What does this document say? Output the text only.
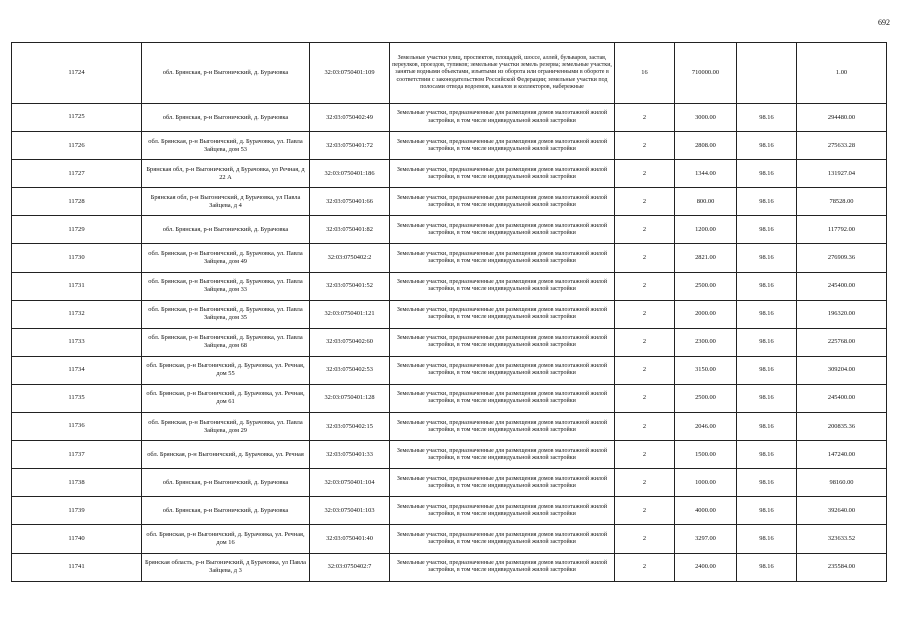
692
11724	обл. Брянская, р-н Выгоничский, д. Бурачовка	32:03:0750401:109	Земельные участки улиц, проспектов, площадей, шоссе, аллей, бульваров, застав, переулков, проездов, тупиков; земельные участки земель резерва; земельные участки, занятые водными объектами, изъятыми из оборота или ограниченными в обороте в соответствии с законодательством Российской Федерации; земельные участки под полосами отвода водоемов, каналов и коллекторов, набережные	16	710000.00		1.00
11725	обл. Брянская, р-н Выгоничский, д. Бурачовка	32:03:0750402:49	Земельные участки, предназначенные для размещения домов малоэтажной жилой застройки, в том числе индивидуальной жилой застройки	2	3000.00	98.16	294480.00
11726	обл. Брянская, р-н Выгоничский, д. Бурачовка, ул. Павла Зайцева, дом 53	32:03:0750401:72	Земельные участки, предназначенные для размещения домов малоэтажной жилой застройки, в том числе индивидуальной жилой застройки	2	2808.00	98.16	275633.28
11727	Брянская обл, р-н Выгоничский, д Бурачовка, ул Речная, д 22 А	32:03:0750401:186	Земельные участки, предназначенные для размещения домов малоэтажной жилой застройки, в том числе индивидуальной жилой застройки	2	1344.00	98.16	131927.04
11728	Брянская обл, р-н Выгоничский, д Бурачовка, ул Павла Зайцева, д 4	32:03:0750401:66	Земельные участки, предназначенные для размещения домов малоэтажной жилой застройки, в том числе индивидуальной жилой застройки	2	800.00	98.16	78528.00
11729	обл. Брянская, р-н Выгоничский, д. Бурачовка	32:03:0750401:82	Земельные участки, предназначенные для размещения домов малоэтажной жилой застройки, в том числе индивидуальной жилой застройки	2	1200.00	98.16	117792.00
11730	обл. Брянская, р-н Выгоничский, д. Бурачовка, ул. Павла Зайцева, дом 49	32:03:0750402:2	Земельные участки, предназначенные для размещения домов малоэтажной жилой застройки, в том числе индивидуальной жилой застройки	2	2821.00	98.16	276909.36
11731	обл. Брянская, р-н Выгоничский, д. Бурачовка, ул. Павла Зайцева, дом 33	32:03:0750401:52	Земельные участки, предназначенные для размещения домов малоэтажной жилой застройки, в том числе индивидуальной жилой застройки	2	2500.00	98.16	245400.00
11732	обл. Брянская, р-н Выгоничский, д. Бурачовка, ул. Павла Зайцева, дом 35	32:03:0750401:121	Земельные участки, предназначенные для размещения домов малоэтажной жилой застройки, в том числе индивидуальной жилой застройки	2	2000.00	98.16	196320.00
11733	обл. Брянская, р-н Выгоничский, д. Бурачовка, ул. Павла Зайцева, дом 68	32:03:0750402:60	Земельные участки, предназначенные для размещения домов малоэтажной жилой застройки, в том числе индивидуальной жилой застройки	2	2300.00	98.16	225768.00
11734	обл. Брянская, р-н Выгоничский, д. Бурачовка, ул. Речная, дом 55	32:03:0750402:53	Земельные участки, предназначенные для размещения домов малоэтажной жилой застройки, в том числе индивидуальной жилой застройки	2	3150.00	98.16	309204.00
11735	обл. Брянская, р-н Выгоничский, д. Бурачовка, ул. Речная, дом 61	32:03:0750401:128	Земельные участки, предназначенные для размещения домов малоэтажной жилой застройки, в том числе индивидуальной жилой застройки	2	2500.00	98.16	245400.00
11736	обл. Брянская, р-н Выгоничский, д. Бурачовка, ул. Павла Зайцева, дом 29	32:03:0750402:15	Земельные участки, предназначенные для размещения домов малоэтажной жилой застройки, в том числе индивидуальной жилой застройки	2	2046.00	98.16	200835.36
11737	обл. Брянская, р-н Выгоничский, д. Бурачовка, ул. Речная	32:03:0750401:33	Земельные участки, предназначенные для размещения домов малоэтажной жилой застройки, в том числе индивидуальной жилой застройки	2	1500.00	98.16	147240.00
11738	обл. Брянская, р-н Выгоничский, д. Бурачовка	32:03:0750401:104	Земельные участки, предназначенные для размещения домов малоэтажной жилой застройки, в том числе индивидуальной жилой застройки	2	1000.00	98.16	98160.00
11739	обл. Брянская, р-н Выгоничский, д. Бурачовка	32:03:0750401:103	Земельные участки, предназначенные для размещения домов малоэтажной жилой застройки, в том числе индивидуальной жилой застройки	2	4000.00	98.16	392640.00
11740	обл. Брянская, р-н Выгоничский, д. Бурачовка, ул. Речная, дом 16	32:03:0750401:40	Земельные участки, предназначенные для размещения домов малоэтажной жилой застройки, в том числе индивидуальной жилой застройки	2	3297.00	98.16	323633.52
11741	Брянская область, р-н Выгоничский, д Бурачовка, ул Павла Зайцева, д 3	32:03:0750402:7	Земельные участки, предназначенные для размещения домов малоэтажной жилой застройки, в том числе индивидуальной жилой застройки	2	2400.00	98.16	235584.00
